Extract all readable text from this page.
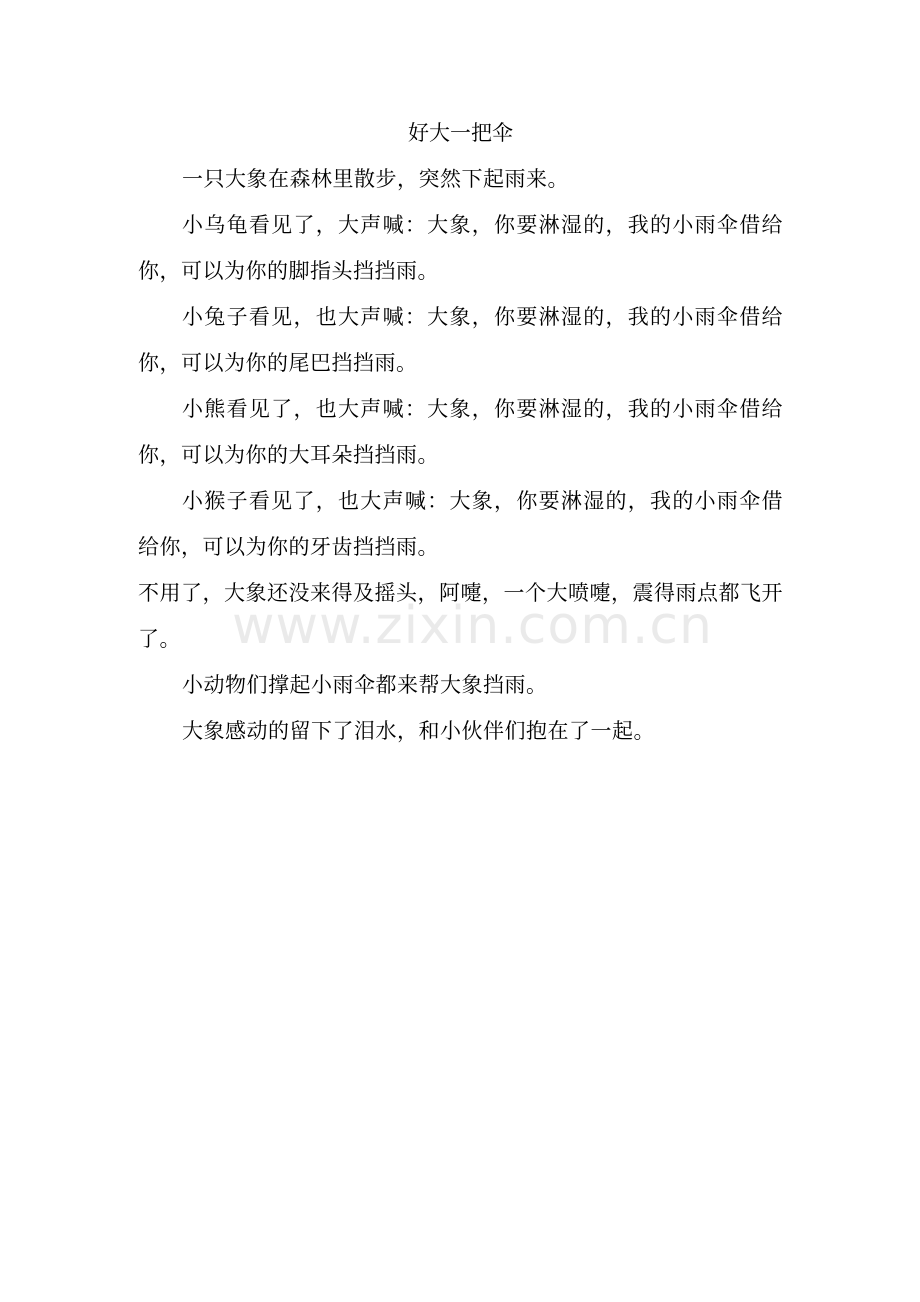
好大一把伞

一只大象在森林里散步，突然下起雨来。

小乌龟看见了，大声喊：大象，你要淋湿的，我的小雨伞借给你，可以为你的脚指头挡挡雨。

小兔子看见，也大声喊：大象，你要淋湿的，我的小雨伞借给你，可以为你的尾巴挡挡雨。

小熊看见了，也大声喊：大象，你要淋湿的，我的小雨伞借给你，可以为你的大耳朵挡挡雨。

小猴子看见了，也大声喊：大象，你要淋湿的，我的小雨伞借给你，可以为你的牙齿挡挡雨。

不用了，大象还没来得及摇头，阿嚏，一个大喷嚏，震得雨点都飞开了。

小动物们撑起小雨伞都来帮大象挡雨。

大象感动的留下了泪水，和小伙伴们抱在了一起。

www.zixin.com.cn
